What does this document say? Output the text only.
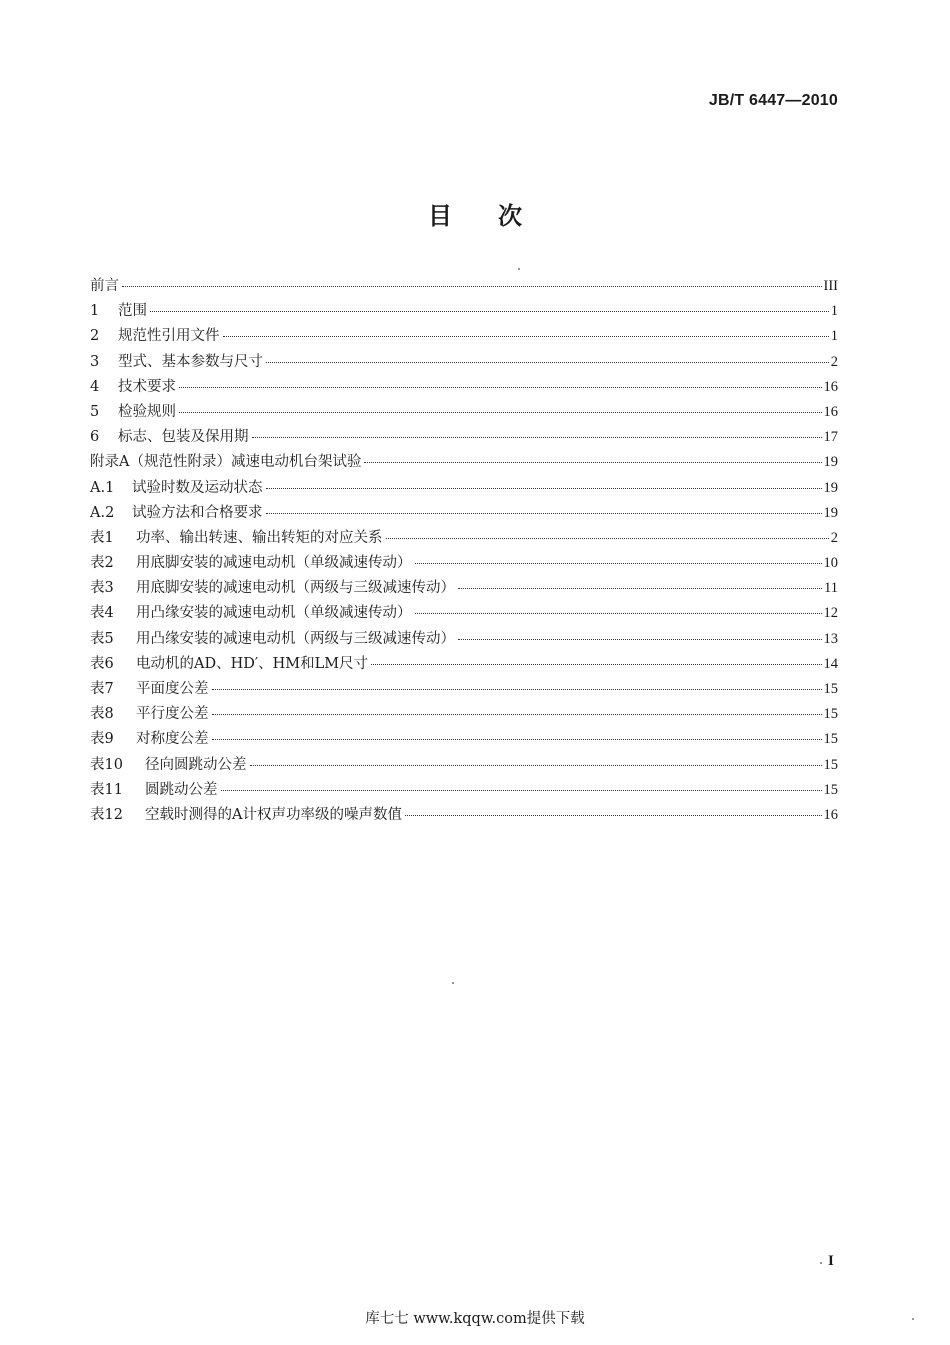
JB/T 6447—2010
目次
前言	III
1	范围	1
2	规范性引用文件	1
3	型式、基本参数与尺寸	2
4	技术要求	16
5	检验规则	16
6	标志、包装及保用期	17
附录A（规范性附录）减速电动机台架试验	19
A.1	试验时数及运动状态	19
A.2	试验方法和合格要求	19
表1	功率、输出转速、输出转矩的对应关系	2
表2	用底脚安装的减速电动机（单级减速传动）	10
表3	用底脚安装的减速电动机（两级与三级减速传动）	11
表4	用凸缘安装的减速电动机（单级减速传动）	12
表5	用凸缘安装的减速电动机（两级与三级减速传动）	13
表6	电动机的AD、HD′、HM和LM尺寸	14
表7	平面度公差	15
表8	平行度公差	15
表9	对称度公差	15
表10	径向圆跳动公差	15
表11	圆跳动公差	15
表12	空载时测得的A计权声功率级的噪声数值	16
I
库七七 www.kqqw.com提供下载
